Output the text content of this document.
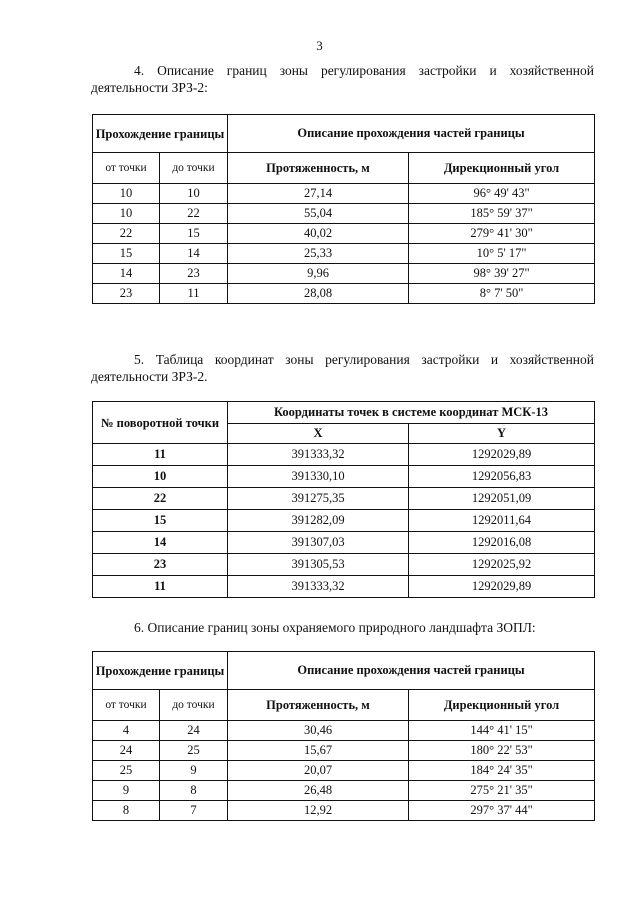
3
4. Описание границ зоны регулирования застройки и хозяйственной
деятельности ЗРЗ-2:
Прохождение границы		Описание прохождения частей границы	
от точки	до точки	Протяженность, м	Дирекционный угол
10	10	27,14	96° 49' 43"
10	22	55,04	185° 59' 37"
22	15	40,02	279° 41' 30"
15	14	25,33	10° 5' 17"
14	23	9,96	98° 39' 27"
23	11	28,08	8° 7' 50"
5. Таблица координат зоны регулирования застройки и хозяйственной
деятельности ЗРЗ-2.
№ поворотной точки	Координаты точек в системе координат МСК-13	
	X	Y
11	391333,32	1292029,89
10	391330,10	1292056,83
22	391275,35	1292051,09
15	391282,09	1292011,64
14	391307,03	1292016,08
23	391305,53	1292025,92
11	391333,32	1292029,89
6. Описание границ зоны охраняемого природного ландшафта ЗОПЛ:
Прохождение границы		Описание прохождения частей границы	
от точки	до точки	Протяженность, м	Дирекционный угол
4	24	30,46	144° 41' 15"
24	25	15,67	180° 22' 53"
25	9	20,07	184° 24' 35"
9	8	26,48	275° 21' 35"
8	7	12,92	297° 37' 44"
